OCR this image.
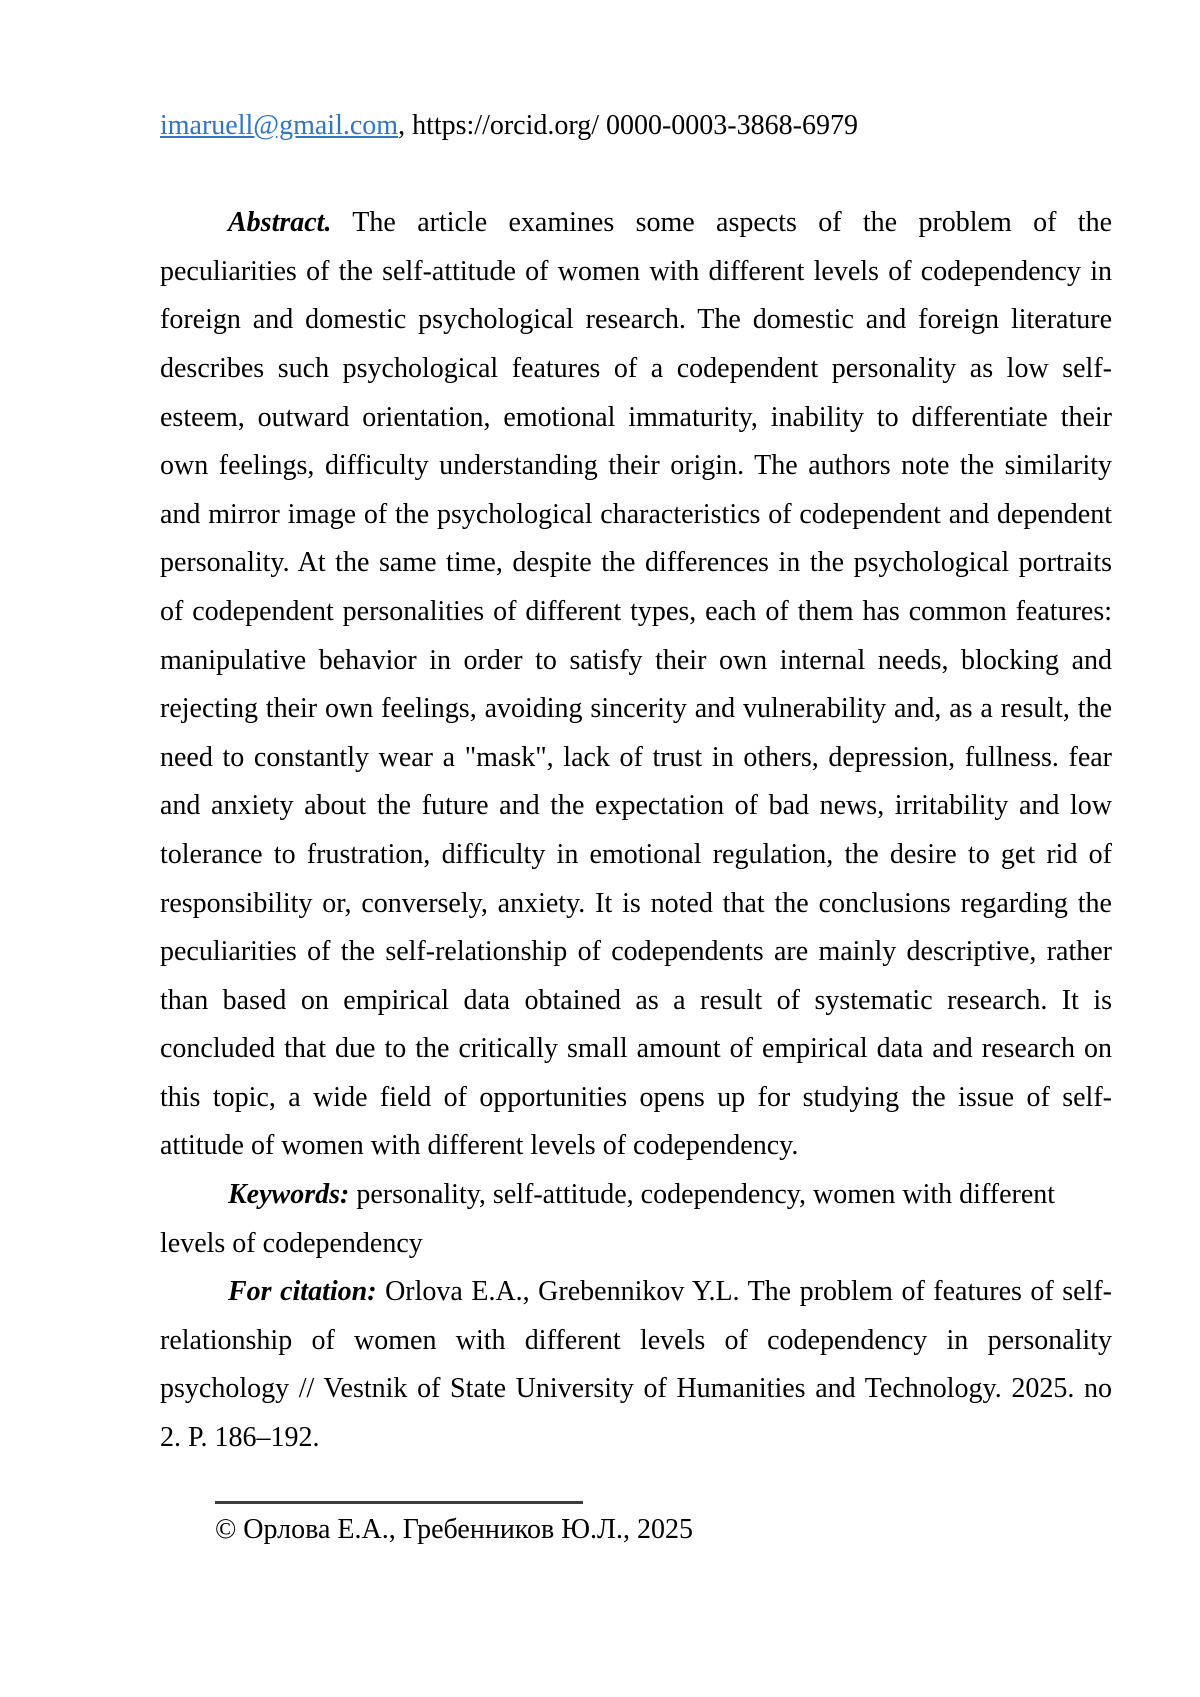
imaruell@gmail.com, https://orcid.org/ 0000-0003-3868-6979
Abstract. The article examines some aspects of the problem of the
peculiarities of the self-attitude of women with different levels of codependency in
foreign and domestic psychological research. The domestic and foreign literature
describes such psychological features of a codependent personality as low self-
esteem, outward orientation, emotional immaturity, inability to differentiate their
own feelings, difficulty understanding their origin. The authors note the similarity
and mirror image of the psychological characteristics of codependent and dependent
personality. At the same time, despite the differences in the psychological portraits
of codependent personalities of different types, each of them has common features:
manipulative behavior in order to satisfy their own internal needs, blocking and
rejecting their own feelings, avoiding sincerity and vulnerability and, as a result, the
need to constantly wear a "mask", lack of trust in others, depression, fullness. fear
and anxiety about the future and the expectation of bad news, irritability and low
tolerance to frustration, difficulty in emotional regulation, the desire to get rid of
responsibility or, conversely, anxiety. It is noted that the conclusions regarding the
peculiarities of the self-relationship of codependents are mainly descriptive, rather
than based on empirical data obtained as a result of systematic research. It is
concluded that due to the critically small amount of empirical data and research on
this topic, a wide field of opportunities opens up for studying the issue of self-
attitude of women with different levels of codependency.
Keywords: personality, self-attitude, codependency, women with different
levels of codependency
For citation: Orlova E.A., Grebennikov Y.L. The problem of features of self-
relationship of women with different levels of codependency in personality
psychology // Vestnik of State University of Humanities and Technology. 2025. no
2. P. 186–192.
© Орлова Е.А., Гребенников Ю.Л., 2025
